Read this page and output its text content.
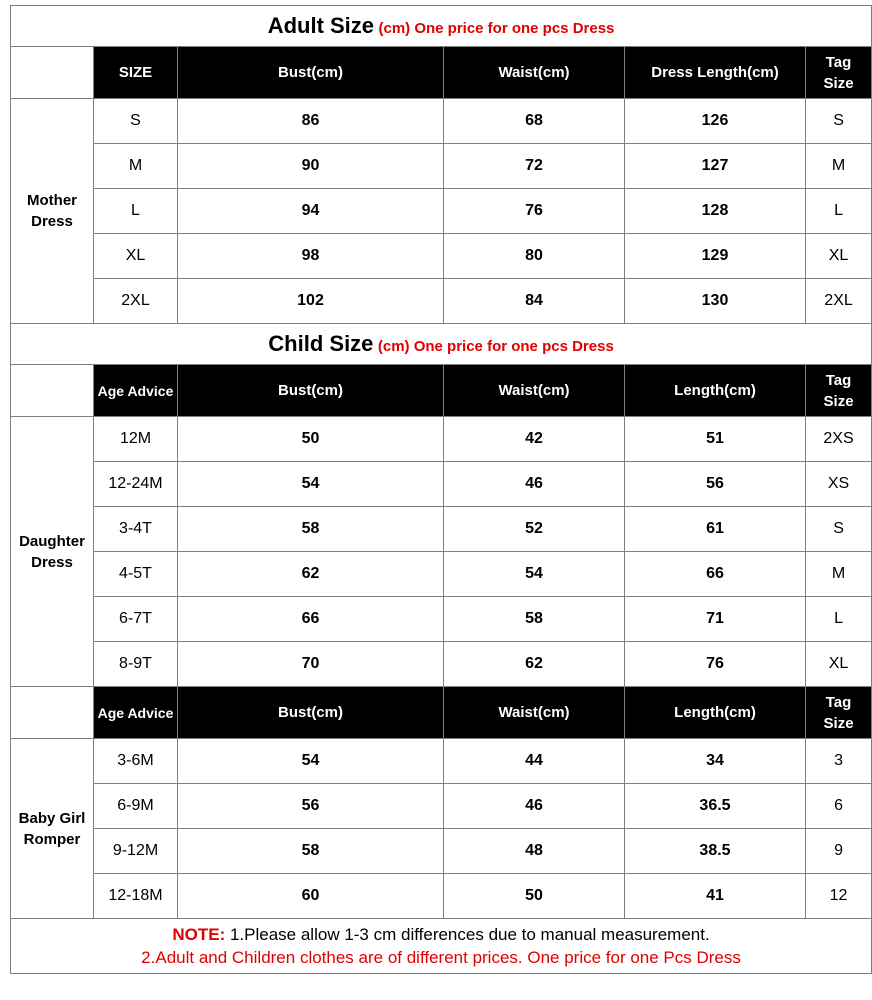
Adult Size (cm) One price for one pcs Dress					
	SIZE	Bust(cm)	Waist(cm)	Dress Length(cm)	Tag
Size
Mother
Dress	S	86	68	126	S
	M	90	72	127	M
	L	94	76	128	L
	XL	98	80	129	XL
	2XL	102	84	130	2XL
Child Size (cm) One price for one pcs Dress					
	Age Advice	Bust(cm)	Waist(cm)	Length(cm)	Tag
Size
Daughter
Dress	12M	50	42	51	2XS
	12-24M	54	46	56	XS
	3-4T	58	52	61	S
	4-5T	62	54	66	M
	6-7T	66	58	71	L
	8-9T	70	62	76	XL
	Age Advice	Bust(cm)	Waist(cm)	Length(cm)	Tag
Size
Baby Girl
Romper	3-6M	54	44	34	3
	6-9M	56	46	36.5	6
	9-12M	58	48	38.5	9
	12-18M	60	50	41	12

NOTE: 1.Please allow 1-3 cm differences due to manual measurement.
2.Adult and Children clothes are of different prices. One price for one Pcs Dress					
